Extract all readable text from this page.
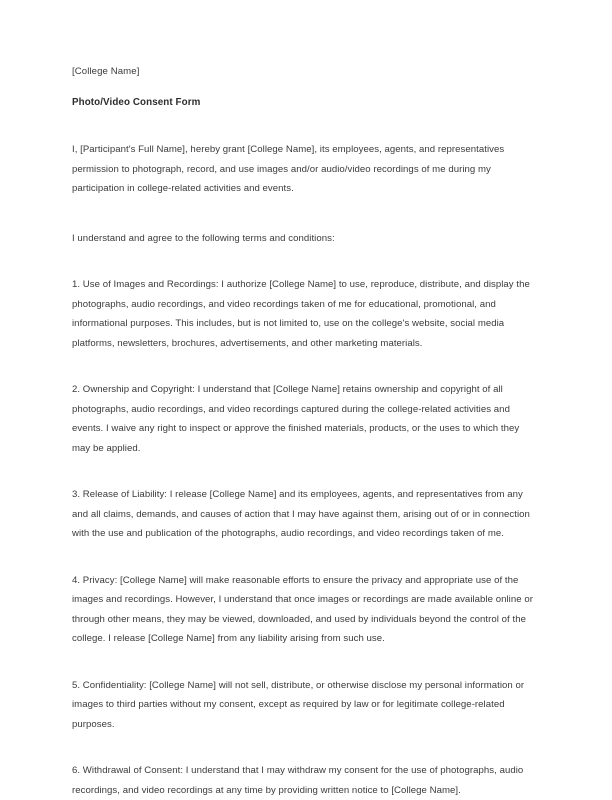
[College Name]

Photo/Video Consent Form

I, [Participant's Full Name], hereby grant [College Name], its employees, agents, and representatives permission to photograph, record, and use images and/or audio/video recordings of me during my participation in college-related activities and events.

I understand and agree to the following terms and conditions:

1. Use of Images and Recordings: I authorize [College Name] to use, reproduce, distribute, and display the photographs, audio recordings, and video recordings taken of me for educational, promotional, and informational purposes. This includes, but is not limited to, use on the college's website, social media platforms, newsletters, brochures, advertisements, and other marketing materials.

2. Ownership and Copyright: I understand that [College Name] retains ownership and copyright of all photographs, audio recordings, and video recordings captured during the college-related activities and events. I waive any right to inspect or approve the finished materials, products, or the uses to which they may be applied.

3. Release of Liability: I release [College Name] and its employees, agents, and representatives from any and all claims, demands, and causes of action that I may have against them, arising out of or in connection with the use and publication of the photographs, audio recordings, and video recordings taken of me.

4. Privacy: [College Name] will make reasonable efforts to ensure the privacy and appropriate use of the images and recordings. However, I understand that once images or recordings are made available online or through other means, they may be viewed, downloaded, and used by individuals beyond the control of the college. I release [College Name] from any liability arising from such use.

5. Confidentiality: [College Name] will not sell, distribute, or otherwise disclose my personal information or images to third parties without my consent, except as required by law or for legitimate college-related purposes.

6. Withdrawal of Consent: I understand that I may withdraw my consent for the use of photographs, audio recordings, and video recordings at any time by providing written notice to [College Name].
